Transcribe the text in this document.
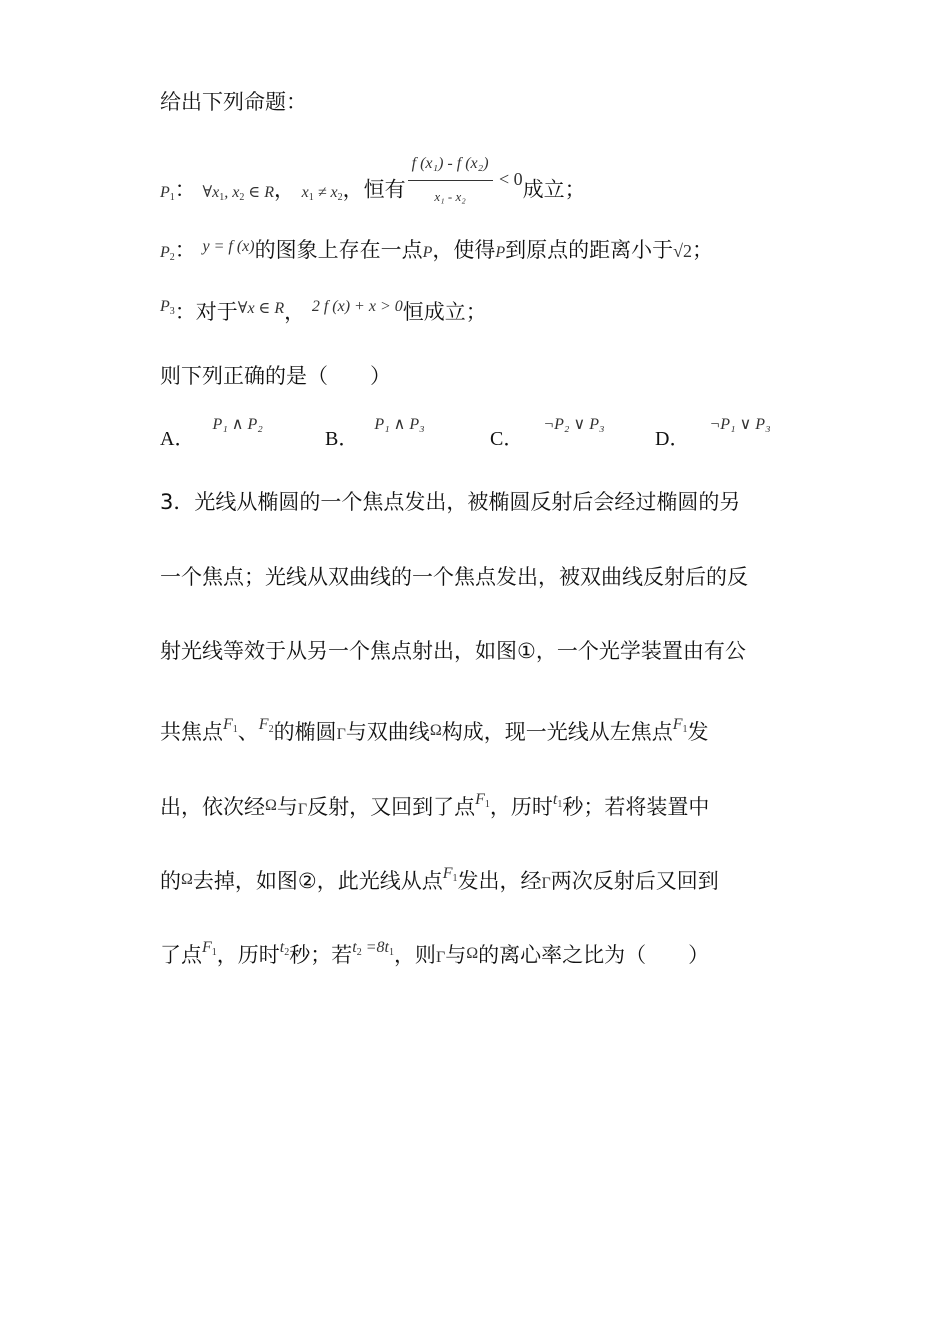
给出下列命题：
$P_1$： $\forall x_1$, $x_2$ ∈ R， $x_1 \ne x_2$，恒有 $\frac{\text{f (x₁) - f (x₂)}}{\text{x₁ - x₂}} < 0$成立；
$P_2$： $^{y = f (x)}$的图象上存在一点P，使得P到原点的距离小于√2；
$^{P_3}$：对于$^{\forall x \in R}$， $^{2 f (x) + x > 0}$恒成立；
则下列正确的是（　　）
A．$^{P_1 \wedge P_2}$
B．$^{P_1 \wedge P_3}$
C．$^{\neg P_2 \vee P_3}$
D．$^{\neg P_1 \vee P_3}$
3．光线从椭圆的一个焦点发出，被椭圆反射后会经过椭圆的另
一个焦点；光线从双曲线的一个焦点发出，被双曲线反射后的反
射光线等效于从另一个焦点射出，如图①，一个光学装置由有公
共焦点$^{F_1}$、$^{F_2}$的椭圆Γ与双曲线$^\Omega$构成，现一光线从左焦点$^{F_1}$发
出，依次经Ω与Γ反射，又回到了点$^{F_1}$，历时$^{t_1}$秒；若将装置中
的Ω去掉，如图②，此光线从点$^{F_1}$发出，经Γ两次反射后又回到
了点$^{F_1}$，历时$^{t_2}$秒；若$^{t_2 =8t_1}$，则Γ与Ω的离心率之比为（　　）
